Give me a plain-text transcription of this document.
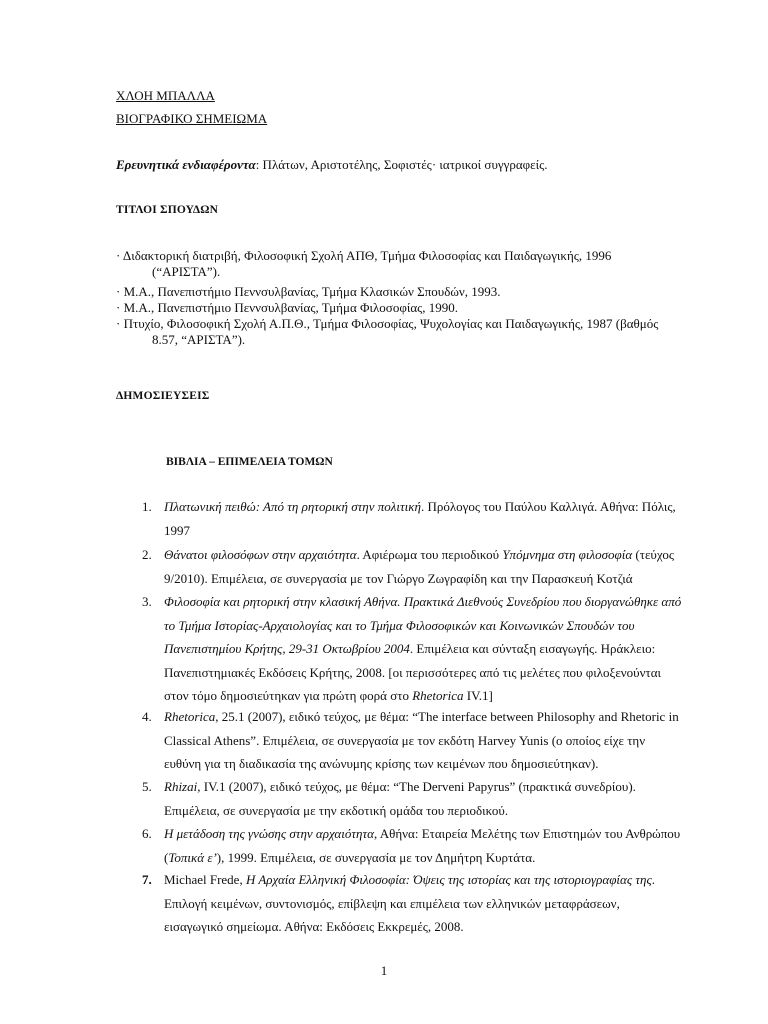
ΧΛΟΗ ΜΠΑΛΛΑ
ΒΙΟΓΡΑΦΙΚΟ ΣΗΜΕΙΩΜΑ
Ερευνητικά ενδιαφέροντα: Πλάτων, Αριστοτέλης, Σοφιστές· ιατρικοί συγγραφείς.
ΤΙΤΛΟΙ ΣΠΟΥΔΩΝ
· Διδακτορική διατριβή, Φιλοσοφική Σχολή ΑΠΘ, Τμήμα Φιλοσοφίας και Παιδαγωγικής, 1996
(“ΑΡΙΣΤΑ”).
· M.A., Πανεπιστήμιο Πεννσυλβανίας, Τμήμα Κλασικών Σπουδών, 1993.
· M.A., Πανεπιστήμιο Πεννσυλβανίας, Τμήμα Φιλοσοφίας, 1990.
· Πτυχίο, Φιλοσοφική Σχολή Α.Π.Θ., Τμήμα Φιλοσοφίας, Ψυχολογίας και Παιδαγωγικής, 1987 (βαθμός
8.57, “ΑΡΙΣΤΑ”).
ΔΗΜΟΣΙΕΥΣΕΙΣ
ΒΙΒΛΙΑ – ΕΠΙΜΕΛΕΙΑ ΤΟΜΩΝ
1. Πλατωνική πειθώ: Από τη ρητορική στην πολιτική. Πρόλογος του Παύλου Καλλιγά. Αθήνα: Πόλις,
1997
2. Θάνατοι φιλοσόφων στην αρχαιότητα. Αφιέρωμα του περιοδικού Υπόμνημα στη φιλοσοφία (τεύχος
9/2010). Επιμέλεια, σε συνεργασία με τον Γιώργο Ζωγραφίδη και την Παρασκευή Κοτζιά
3. Φιλοσοφία και ρητορική στην κλασική Αθήνα. Πρακτικά Διεθνούς Συνεδρίου που διοργανώθηκε από
το Τμήμα Ιστορίας-Αρχαιολογίας και το Τμήμα Φιλοσοφικών και Κοινωνικών Σπουδών του
Πανεπιστημίου Κρήτης, 29-31 Οκτωβρίου 2004. Επιμέλεια και σύνταξη εισαγωγής. Ηράκλειο:
Πανεπιστημιακές Εκδόσεις Κρήτης, 2008. [οι περισσότερες από τις μελέτες που φιλοξενούνται
στον τόμο δημοσιεύτηκαν για πρώτη φορά στο Rhetorica IV.1]
4. Rhetorica, 25.1 (2007), ειδικό τεύχος, με θέμα: “The interface between Philosophy and Rhetoric in
Classical Athens”. Επιμέλεια, σε συνεργασία με τον εκδότη Harvey Yunis (ο οποίος είχε την
ευθύνη για τη διαδικασία της ανώνυμης κρίσης των κειμένων που δημοσιεύτηκαν).
5. Rhizai, IV.1 (2007), ειδικό τεύχος, με θέμα: “The Derveni Papyrus” (πρακτικά συνεδρίου).
Επιμέλεια, σε συνεργασία με την εκδοτική ομάδα του περιοδικού.
6. Η μετάδοση της γνώσης στην αρχαιότητα, Αθήνα: Εταιρεία Μελέτης των Επιστημών του Ανθρώπου
(Τοπικά ε’), 1999. Επιμέλεια, σε συνεργασία με τον Δημήτρη Κυρτάτα.
7. Michael Frede, Η Αρχαία Ελληνική Φιλοσοφία: Όψεις της ιστορίας και της ιστοριογραφίας της.
Επιλογή κειμένων, συντονισμός, επίβλεψη και επιμέλεια των ελληνικών μεταφράσεων,
εισαγωγικό σημείωμα. Αθήνα: Εκδόσεις Εκκρεμές, 2008.
1
